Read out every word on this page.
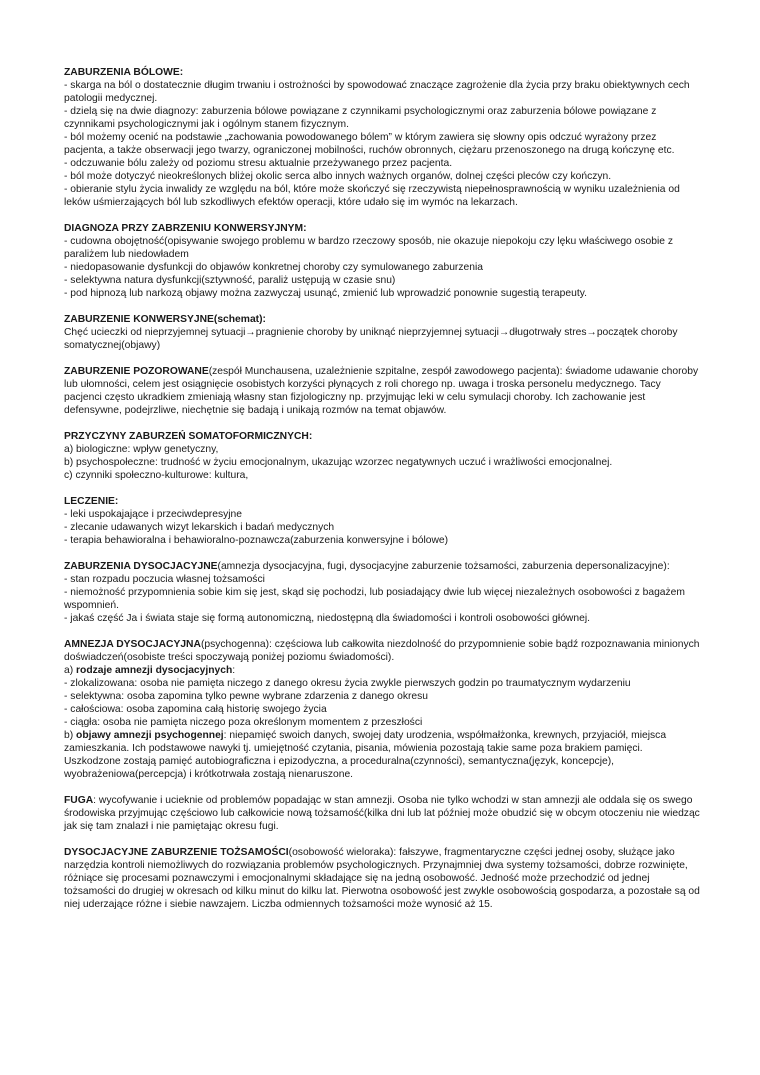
ZABURZENIA BÓLOWE:

- skarga na ból o dostatecznie długim trwaniu i ostrożności by spowodować znaczące zagrożenie dla życia przy braku obiektywnych cech patologii medycznej.

- dzielą się na dwie diagnozy: zaburzenia bólowe powiązane z czynnikami psychologicznymi oraz zaburzenia bólowe powiązane z czynnikami psychologicznymi jak i ogólnym stanem fizycznym.

- ból możemy ocenić na podstawie „zachowania powodowanego bólem” w którym zawiera się słowny opis odczuć wyrażony przez pacjenta, a także obserwacji jego twarzy, ograniczonej mobilności, ruchów obronnych, ciężaru przenoszonego na drugą kończynę etc.

- odczuwanie bólu zależy od poziomu stresu aktualnie przeżywanego przez pacjenta.

- ból może dotyczyć nieokreślonych bliżej okolic serca albo innych ważnych organów, dolnej części pleców czy kończyn.

- obieranie stylu życia inwalidy ze względu na ból, które może skończyć się rzeczywistą niepełnosprawnością w wyniku uzależnienia od leków uśmierzających ból lub szkodliwych efektów operacji, które udało się im wymóc na lekarzach.

DIAGNOZA PRZY ZABRZENIU KONWERSYJNYM:

- cudowna obojętność(opisywanie swojego problemu w bardzo rzeczowy sposób, nie okazuje niepokoju czy lęku właściwego osobie z paraliżem lub niedowładem

- niedopasowanie dysfunkcji do objawów konkretnej choroby czy symulowanego zaburzenia

- selektywna natura dysfunkcji(sztywność, paraliż ustępują w czasie snu)

- pod hipnozą lub narkozą objawy można zazwyczaj usunąć, zmienić lub wprowadzić ponownie sugestią terapeuty.

ZABURZENIE KONWERSYJNE(schemat):

Chęć ucieczki od nieprzyjemnej sytuacji→pragnienie choroby by uniknąć nieprzyjemnej sytuacji→długotrwały stres→początek choroby somatycznej(objawy)

ZABURZENIE POZOROWANE(zespół Munchausena, uzależnienie szpitalne, zespół zawodowego pacjenta): świadome udawanie choroby lub ułomności, celem jest osiągnięcie osobistych korzyści płynących z roli chorego np. uwaga i troska personelu medycznego. Tacy pacjenci często ukradkiem zmieniają własny stan fizjologiczny np. przyjmując leki w celu symulacji choroby. Ich zachowanie jest defensywne, podejrzliwe, niechętnie się badają i unikają rozmów na temat objawów.

PRZYCZYNY ZABURZEŃ SOMATOFORMICZNYCH:

a) biologiczne: wpływ genetyczny,

b) psychospołeczne: trudność w życiu emocjonalnym, ukazując wzorzec negatywnych uczuć i wrażliwości emocjonalnej.

c) czynniki społeczno-kulturowe: kultura,

LECZENIE:

- leki uspokajające i przeciwdepresyjne

- zlecanie udawanych wizyt lekarskich i badań medycznych

- terapia behawioralna i behawioralno-poznawcza(zaburzenia konwersyjne i bólowe)

ZABURZENIA DYSOCJACYJNE(amnezja dysocjacyjna, fugi, dysocjacyjne zaburzenie tożsamości, zaburzenia depersonalizacyjne):

- stan rozpadu poczucia własnej tożsamości

- niemożność przypomnienia sobie kim się jest, skąd się pochodzi, lub posiadający dwie lub więcej niezależnych osobowości z bagażem wspomnień.

- jakaś część Ja i świata staje się formą autonomiczną, niedostępną dla świadomości i kontroli osobowości głównej.

AMNEZJA DYSOCJACYJNA(psychogenna): częściowa lub całkowita niezdolność do przypomnienie sobie bądź rozpoznawania minionych doświadczeń(osobiste treści spoczywają poniżej poziomu świadomości).

a) rodzaje amnezji dysocjacyjnych:

- zlokalizowana: osoba nie pamięta niczego z danego okresu życia zwykle pierwszych godzin po traumatycznym wydarzeniu

- selektywna: osoba zapomina tylko pewne wybrane zdarzenia z danego okresu

- całościowa: osoba zapomina całą historię swojego życia

- ciągła: osoba nie pamięta niczego poza określonym momentem z przeszłości

b) objawy amnezji psychogennej: niepamięć swoich danych, swojej daty urodzenia, współmałżonka, krewnych, przyjaciół, miejsca zamieszkania. Ich podstawowe nawyki tj. umiejętność czytania, pisania, mówienia pozostają takie same poza brakiem pamięci.

Uszkodzone zostają pamięć autobiograficzna i epizodyczna, a proceduralna(czynności), semantyczna(język, koncepcje), wyobrażeniowa(percepcja) i krótkotrwała zostają nienaruszone.

FUGA: wycofywanie i ucieknie od problemów popadając w stan amnezji. Osoba nie tylko wchodzi w stan amnezji ale oddala się os swego środowiska przyjmując częściowo lub całkowicie nową tożsamość(kilka dni lub lat później może obudzić się w obcym otoczeniu nie wiedząc jak się tam znalazł i nie pamiętając okresu fugi.

DYSOCJACYJNE ZABURZENIE TOŻSAMOŚCI(osobowość wielorakа): fałszywe, fragmentaryczne części jednej osoby, służące jako narzędzia kontroli niemożliwych do rozwiązania problemów psychologicznych. Przynajmniej dwa systemy tożsamości, dobrze rozwinięte, różniące się procesami poznawczymi i emocjonalnymi składające się na jedną osobowość. Jedność może przechodzić od jednej tożsamości do drugiej w okresach od kilku minut do kilku lat. Pierwotna osobowość jest zwykle osobowością gospodarza, a pozostałe są od niej uderzające różne i siebie nawzajem. Liczba odmiennych tożsamości może wynosić aż 15.
